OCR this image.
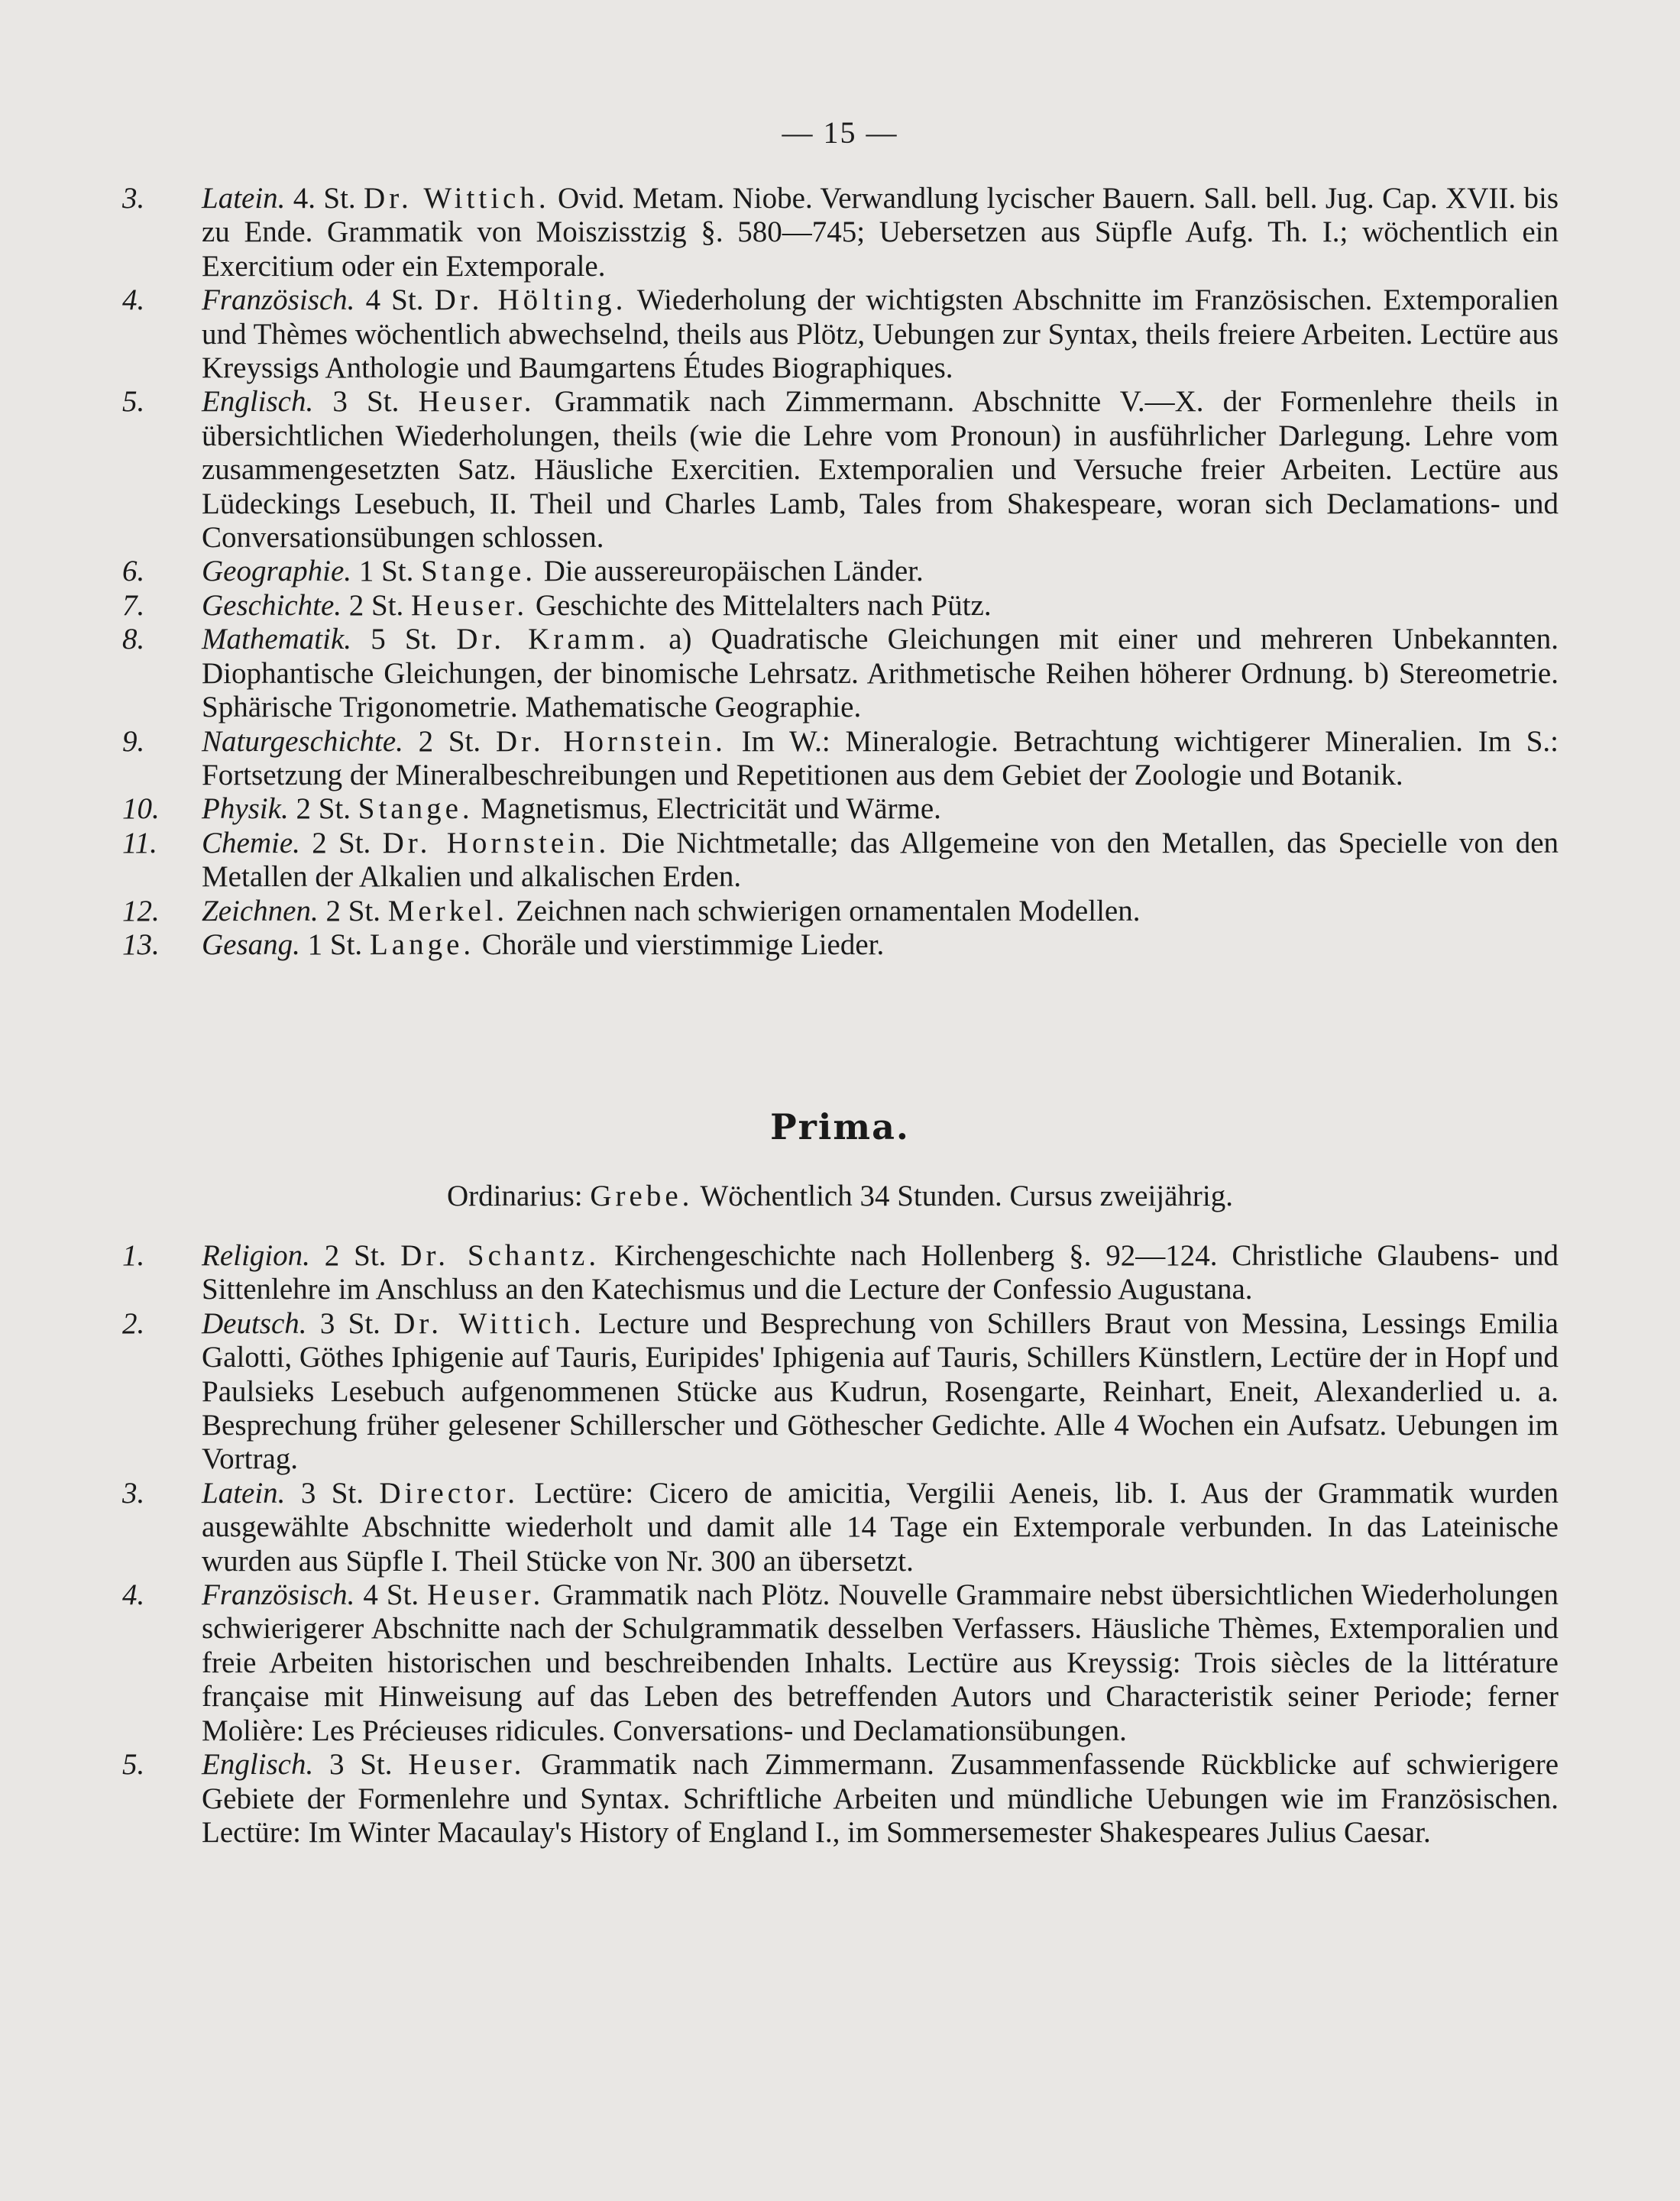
— 15 —
3.	Latein. 4. St. Dr. Wittich. Ovid. Metam. Niobe. Verwandlung lycischer Bauern. Sall. bell. Jug. Cap. XVII. bis zu Ende. Grammatik von Moiszisstzig §. 580—745; Uebersetzen aus Süpfle Aufg. Th. I.; wöchentlich ein Exercitium oder ein Extemporale.
4.	Französisch. 4 St. Dr. Hölting. Wiederholung der wichtigsten Abschnitte im Französischen. Extemporalien und Thèmes wöchentlich abwechselnd, theils aus Plötz, Uebungen zur Syntax, theils freiere Arbeiten. Lectüre aus Kreyssigs Anthologie und Baumgartens Études Biographiques.
5.	Englisch. 3 St. Heuser. Grammatik nach Zimmermann. Abschnitte V.—X. der Formenlehre theils in übersichtlichen Wiederholungen, theils (wie die Lehre vom Pronoun) in ausführlicher Darlegung. Lehre vom zusammengesetzten Satz. Häusliche Exercitien. Extemporalien und Versuche freier Arbeiten. Lectüre aus Lüdeckings Lesebuch, II. Theil und Charles Lamb, Tales from Shakespeare, woran sich Declamations- und Conversationsübungen schlossen.
6.	Geographie. 1 St. Stange. Die aussereuropäischen Länder.
7.	Geschichte. 2 St. Heuser. Geschichte des Mittelalters nach Pütz.
8.	Mathematik. 5 St. Dr. Kramm. a) Quadratische Gleichungen mit einer und mehreren Unbekannten. Diophantische Gleichungen, der binomische Lehrsatz. Arithmetische Reihen höherer Ordnung. b) Stereometrie. Sphärische Trigonometrie. Mathematische Geographie.
9.	Naturgeschichte. 2 St. Dr. Hornstein. Im W.: Mineralogie. Betrachtung wichtigerer Mineralien. Im S.: Fortsetzung der Mineralbeschreibungen und Repetitionen aus dem Gebiet der Zoologie und Botanik.
10.	Physik. 2 St. Stange. Magnetismus, Electricität und Wärme.
11.	Chemie. 2 St. Dr. Hornstein. Die Nichtmetalle; das Allgemeine von den Metallen, das Specielle von den Metallen der Alkalien und alkalischen Erden.
12.	Zeichnen. 2 St. Merkel. Zeichnen nach schwierigen ornamentalen Modellen.
13.	Gesang. 1 St. Lange. Choräle und vierstimmige Lieder.
Prima.
Ordinarius: Grebe. Wöchentlich 34 Stunden. Cursus zweijährig.
1.	Religion. 2 St. Dr. Schantz. Kirchengeschichte nach Hollenberg §. 92—124. Christliche Glaubens- und Sittenlehre im Anschluss an den Katechismus und die Lecture der Confessio Augustana.
2.	Deutsch. 3 St. Dr. Wittich. Lecture und Besprechung von Schillers Braut von Messina, Lessings Emilia Galotti, Göthes Iphigenie auf Tauris, Euripides' Iphigenia auf Tauris, Schillers Künstlern, Lectüre der in Hopf und Paulsieks Lesebuch aufgenommenen Stücke aus Kudrun, Rosengarte, Reinhart, Eneit, Alexanderlied u. a. Besprechung früher gelesener Schillerscher und Göthescher Gedichte. Alle 4 Wochen ein Aufsatz. Uebungen im Vortrag.
3.	Latein. 3 St. Director. Lectüre: Cicero de amicitia, Vergilii Aeneis, lib. I. Aus der Grammatik wurden ausgewählte Abschnitte wiederholt und damit alle 14 Tage ein Extemporale verbunden. In das Lateinische wurden aus Süpfle I. Theil Stücke von Nr. 300 an übersetzt.
4.	Französisch. 4 St. Heuser. Grammatik nach Plötz. Nouvelle Grammaire nebst übersichtlichen Wiederholungen schwierigerer Abschnitte nach der Schulgrammatik desselben Verfassers. Häusliche Thèmes, Extemporalien und freie Arbeiten historischen und beschreibenden Inhalts. Lectüre aus Kreyssig: Trois siècles de la littérature française mit Hinweisung auf das Leben des betreffenden Autors und Characteristik seiner Periode; ferner Molière: Les Précieuses ridicules. Conversations- und Declamationsübungen.
5.	Englisch. 3 St. Heuser. Grammatik nach Zimmermann. Zusammenfassende Rückblicke auf schwierigere Gebiete der Formenlehre und Syntax. Schriftliche Arbeiten und mündliche Uebungen wie im Französischen. Lectüre: Im Winter Macaulay's History of England I., im Sommersemester Shakespeares Julius Caesar.
